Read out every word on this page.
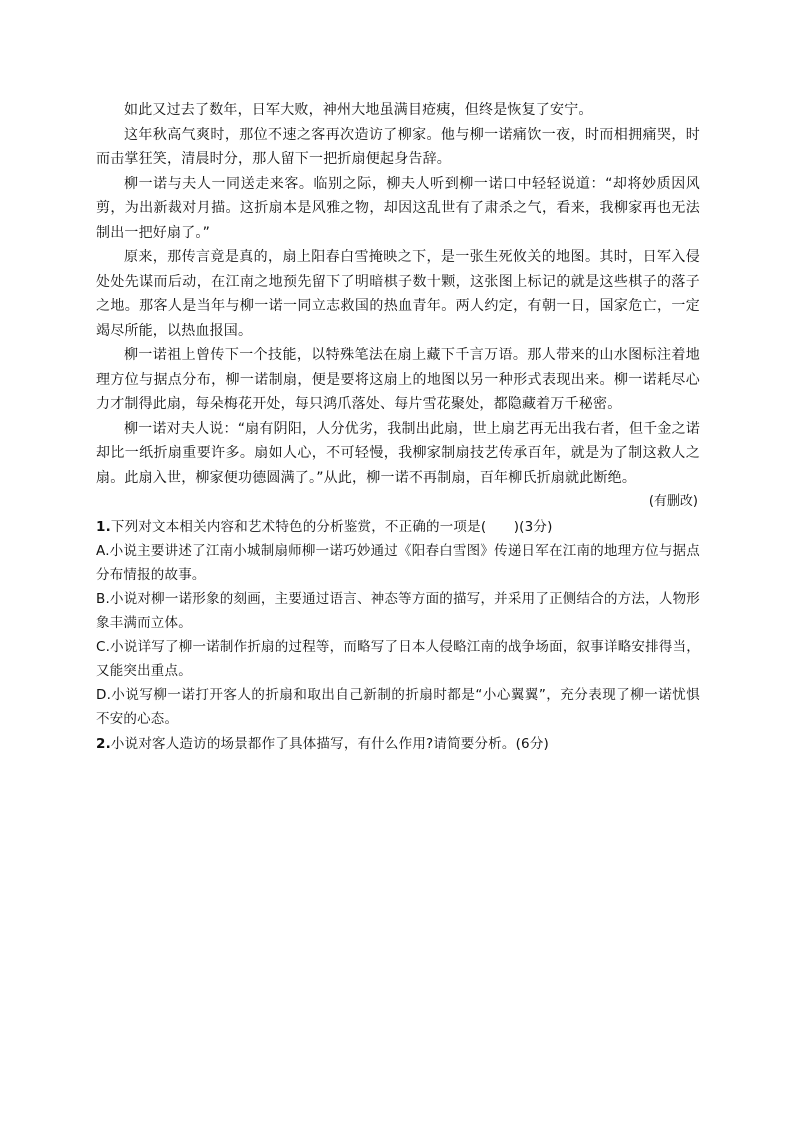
如此又过去了数年，日军大败，神州大地虽满目疮痍，但终是恢复了安宁。

这年秋高气爽时，那位不速之客再次造访了柳家。他与柳一诺痛饮一夜，时而相拥痛哭，时而击掌狂笑，清晨时分，那人留下一把折扇便起身告辞。

柳一诺与夫人一同送走来客。临别之际，柳夫人听到柳一诺口中轻轻说道：“却将妙质因风剪，为出新裁对月描。这折扇本是风雅之物，却因这乱世有了肃杀之气，看来，我柳家再也无法制出一把好扇了。”

原来，那传言竟是真的，扇上阳春白雪掩映之下，是一张生死攸关的地图。其时，日军入侵处处先谋而后动，在江南之地预先留下了明暗棋子数十颗，这张图上标记的就是这些棋子的落子之地。那客人是当年与柳一诺一同立志救国的热血青年。两人约定，有朝一日，国家危亡，一定竭尽所能，以热血报国。

柳一诺祖上曾传下一个技能，以特殊笔法在扇上藏下千言万语。那人带来的山水图标注着地理方位与据点分布，柳一诺制扇，便是要将这扇上的地图以另一种形式表现出来。柳一诺耗尽心力才制得此扇，每朵梅花开处，每只鸿爪落处、每片雪花聚处，都隐藏着万千秘密。

柳一诺对夫人说：“扇有阴阳，人分优劣，我制出此扇，世上扇艺再无出我右者，但千金之诺却比一纸折扇重要许多。扇如人心，不可轻慢，我柳家制扇技艺传承百年，就是为了制这救人之扇。此扇入世，柳家便功德圆满了。”从此，柳一诺不再制扇，百年柳氏折扇就此断绝。

(有删改)

1.下列对文本相关内容和艺术特色的分析鉴赏，不正确的一项是(　　)(3分)

A.小说主要讲述了江南小城制扇师柳一诺巧妙通过《阳春白雪图》传递日军在江南的地理方位与据点分布情报的故事。

B.小说对柳一诺形象的刻画，主要通过语言、神态等方面的描写，并采用了正侧结合的方法，人物形象丰满而立体。

C.小说详写了柳一诺制作折扇的过程等，而略写了日本人侵略江南的战争场面，叙事详略安排得当，又能突出重点。

D.小说写柳一诺打开客人的折扇和取出自己新制的折扇时都是“小心翼翼”，充分表现了柳一诺忧惧不安的心态。

2.小说对客人造访的场景都作了具体描写，有什么作用?请简要分析。(6分)
